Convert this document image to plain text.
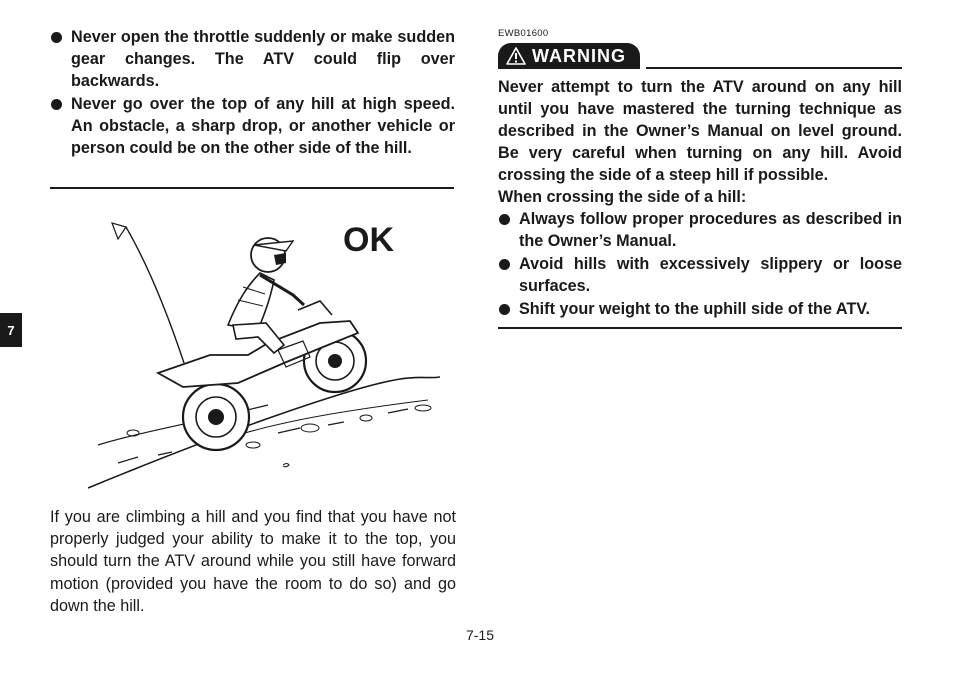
7
Never open the throttle suddenly or make sudden gear changes. The ATV could flip over backwards.
Never go over the top of any hill at high speed. An obstacle, a sharp drop, or another vehicle or person could be on the other side of the hill.
OK
If you are climbing a hill and you find that you have not properly judged your ability to make it to the top, you should turn the ATV around while you still have forward motion (provided you have the room to do so) and go down the hill.
EWB01600
WARNING
Never attempt to turn the ATV around on any hill until you have mastered the turning technique as described in the Owner’s Manual on level ground. Be very careful when turning on any hill. Avoid crossing the side of a steep hill if possible.
When crossing the side of a hill:
Always follow proper procedures as described in the Owner’s Manual.
Avoid hills with excessively slippery or loose surfaces.
Shift your weight to the uphill side of the ATV.
7-15
